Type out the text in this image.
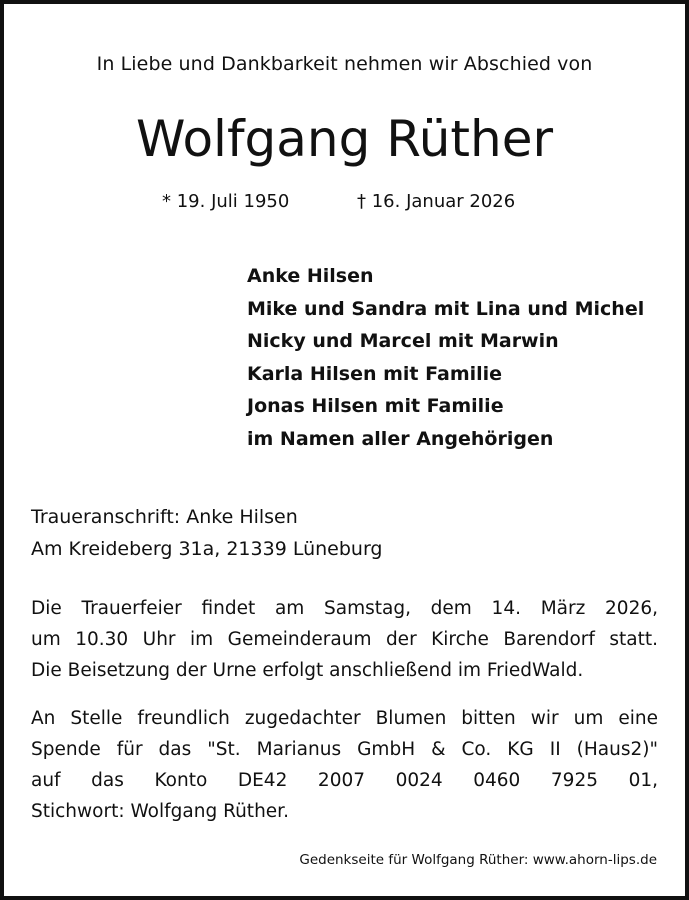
In Liebe und Dankbarkeit nehmen wir Abschied von
Wolfgang Rüther
* 19. Juli 1950	† 16. Januar 2026
Anke Hilsen
Mike und Sandra mit Lina und Michel
Nicky und Marcel mit Marwin
Karla Hilsen mit Familie
Jonas Hilsen mit Familie
im Namen aller Angehörigen
Traueranschrift: Anke Hilsen
Am Kreideberg 31a, 21339 Lüneburg
Die Trauerfeier findet am Samstag, dem 14. März 2026,
um 10.30 Uhr im Gemeinderaum der Kirche Barendorf statt.
Die Beisetzung der Urne erfolgt anschließend im FriedWald.
An Stelle freundlich zugedachter Blumen bitten wir um eine
Spende für das "St. Marianus GmbH & Co. KG II (Haus2)"
auf das Konto DE42 2007 0024 0460 7925 01,
Stichwort: Wolfgang Rüther.
Gedenkseite für Wolfgang Rüther: www.ahorn-lips.de
